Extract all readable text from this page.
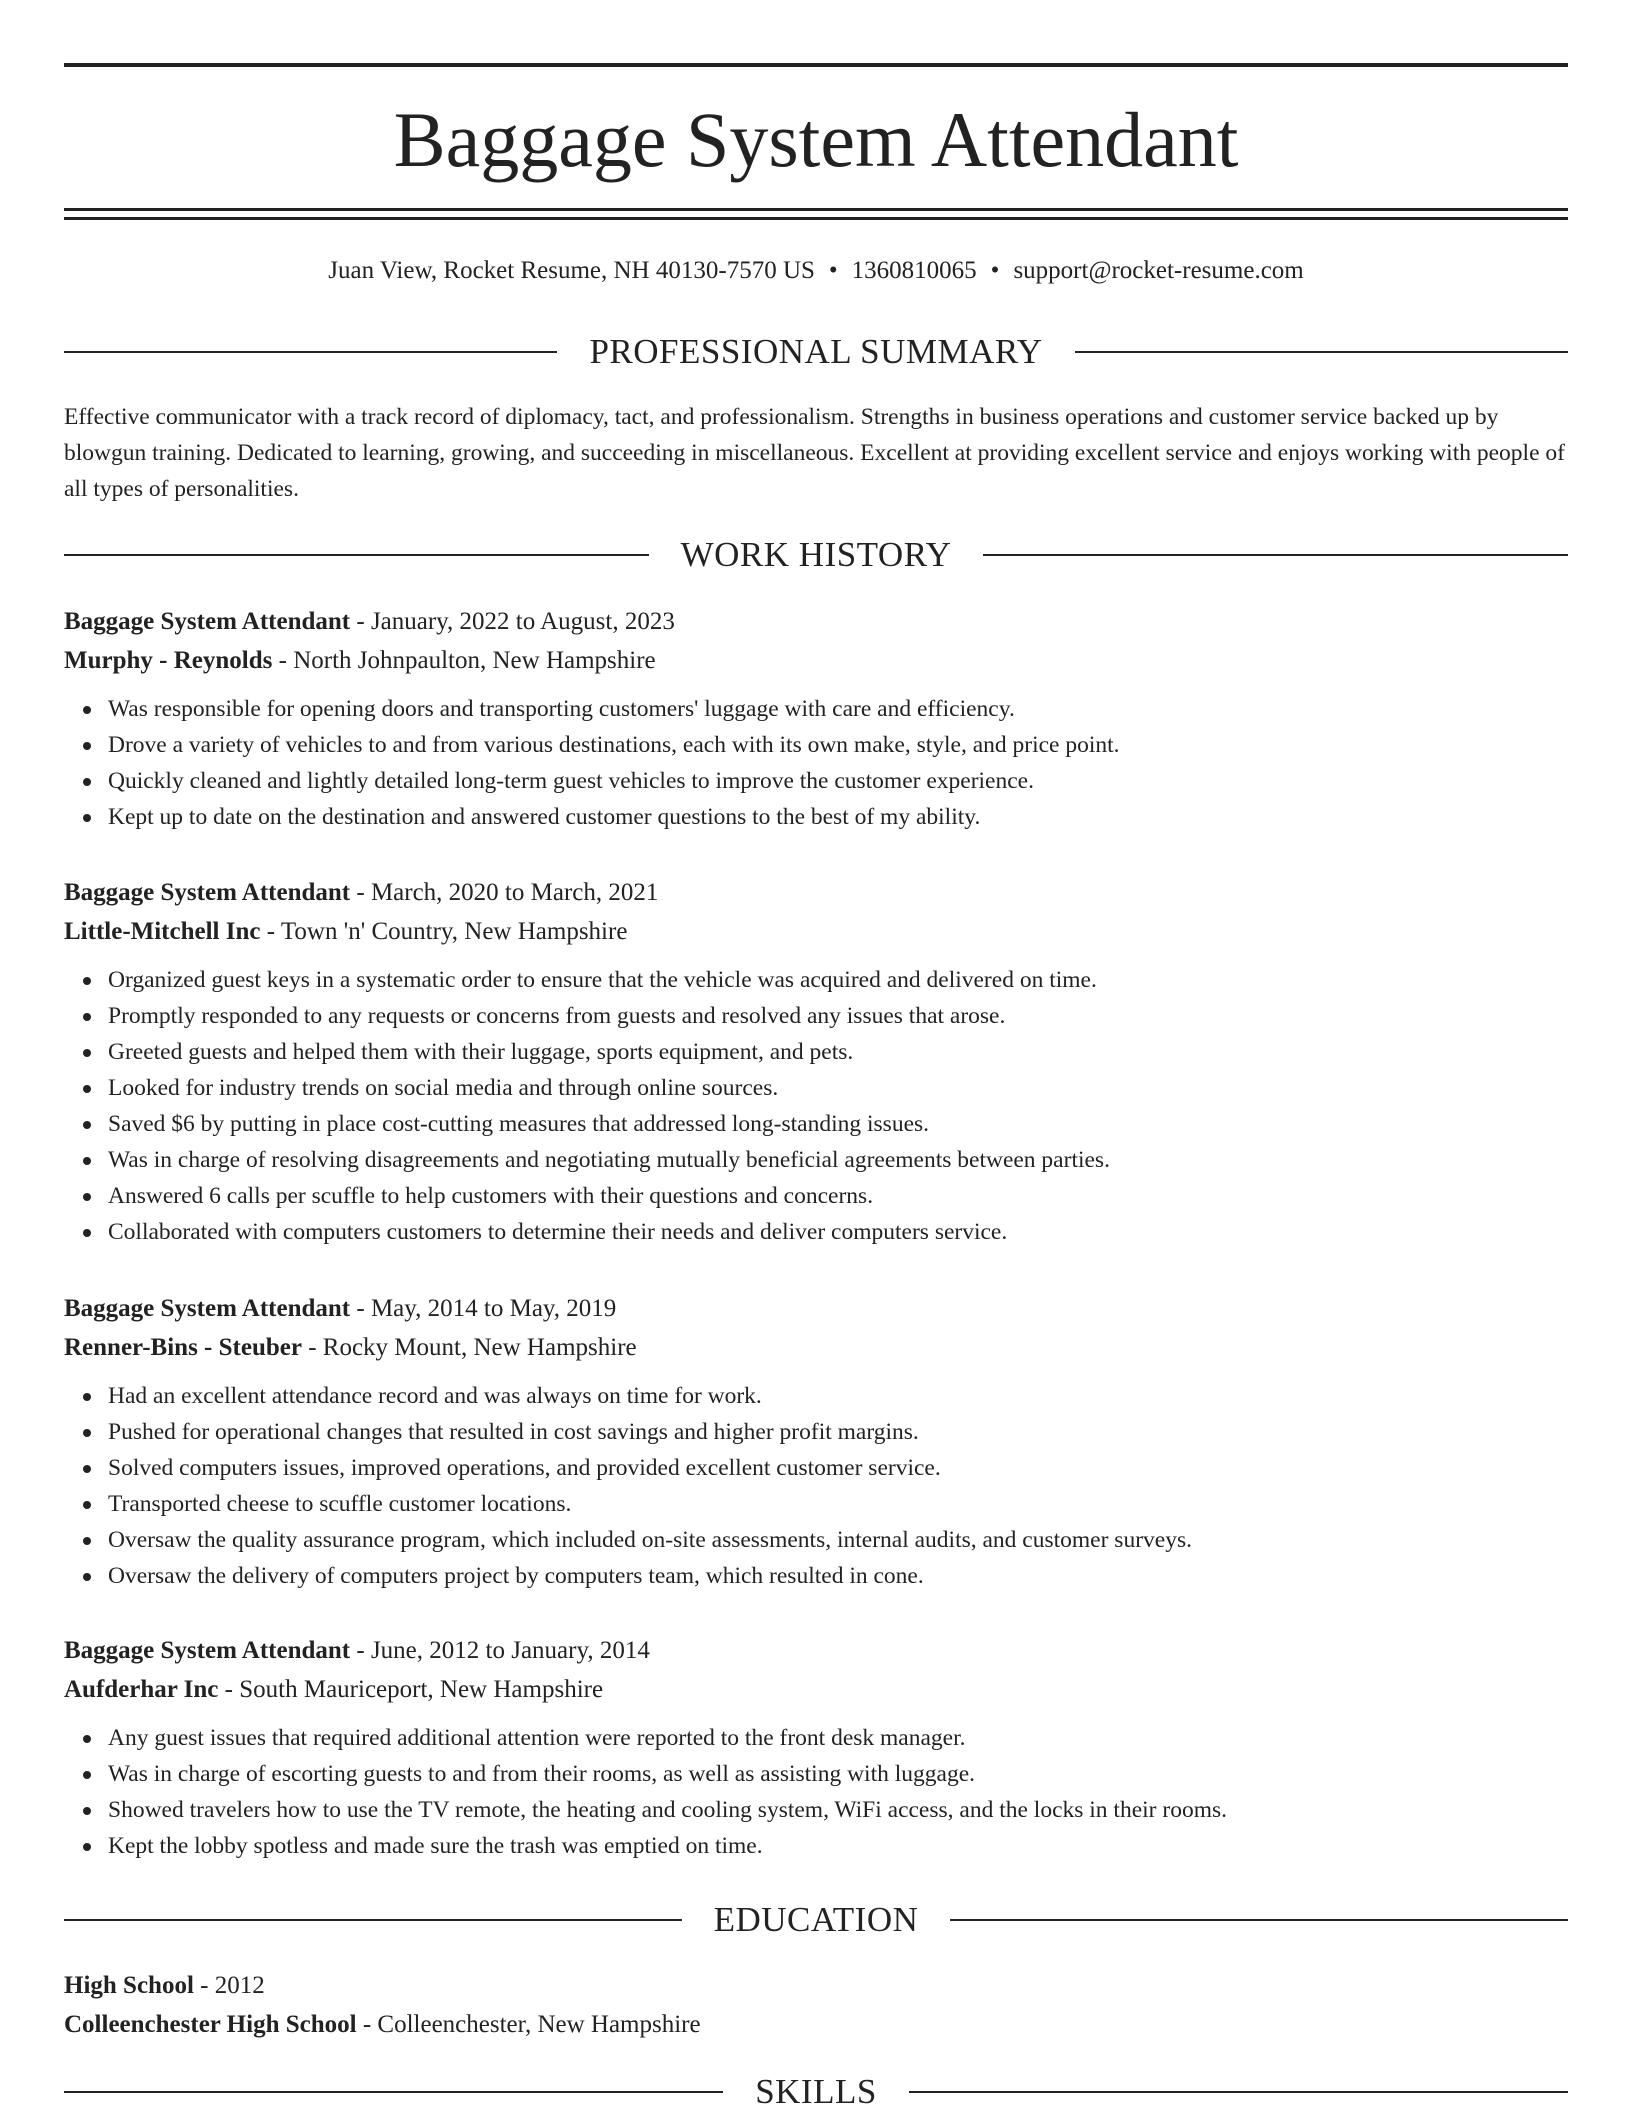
Baggage System Attendant
Juan View, Rocket Resume, NH 40130-7570 US • 1360810065 • support@rocket-resume.com
PROFESSIONAL SUMMARY

Effective communicator with a track record of diplomacy, tact, and professionalism. Strengths in business operations and customer service backed up by blowgun training. Dedicated to learning, growing, and succeeding in miscellaneous. Excellent at providing excellent service and enjoys working with people of all types of personalities.

WORK HISTORY
Baggage System Attendant - January, 2022 to August, 2023
Murphy - Reynolds - North Johnpaulton, New Hampshire
Was responsible for opening doors and transporting customers' luggage with care and efficiency.
Drove a variety of vehicles to and from various destinations, each with its own make, style, and price point.
Quickly cleaned and lightly detailed long-term guest vehicles to improve the customer experience.
Kept up to date on the destination and answered customer questions to the best of my ability.
Baggage System Attendant - March, 2020 to March, 2021
Little-Mitchell Inc - Town 'n' Country, New Hampshire
Organized guest keys in a systematic order to ensure that the vehicle was acquired and delivered on time.
Promptly responded to any requests or concerns from guests and resolved any issues that arose.
Greeted guests and helped them with their luggage, sports equipment, and pets.
Looked for industry trends on social media and through online sources.
Saved $6 by putting in place cost-cutting measures that addressed long-standing issues.
Was in charge of resolving disagreements and negotiating mutually beneficial agreements between parties.
Answered 6 calls per scuffle to help customers with their questions and concerns.
Collaborated with computers customers to determine their needs and deliver computers service.
Baggage System Attendant - May, 2014 to May, 2019
Renner-Bins - Steuber - Rocky Mount, New Hampshire
Had an excellent attendance record and was always on time for work.
Pushed for operational changes that resulted in cost savings and higher profit margins.
Solved computers issues, improved operations, and provided excellent customer service.
Transported cheese to scuffle customer locations.
Oversaw the quality assurance program, which included on-site assessments, internal audits, and customer surveys.
Oversaw the delivery of computers project by computers team, which resulted in cone.
Baggage System Attendant - June, 2012 to January, 2014
Aufderhar Inc - South Mauriceport, New Hampshire
Any guest issues that required additional attention were reported to the front desk manager.
Was in charge of escorting guests to and from their rooms, as well as assisting with luggage.
Showed travelers how to use the TV remote, the heating and cooling system, WiFi access, and the locks in their rooms.
Kept the lobby spotless and made sure the trash was emptied on time.
EDUCATION
High School - 2012
Colleenchester High School - Colleenchester, New Hampshire
SKILLS
